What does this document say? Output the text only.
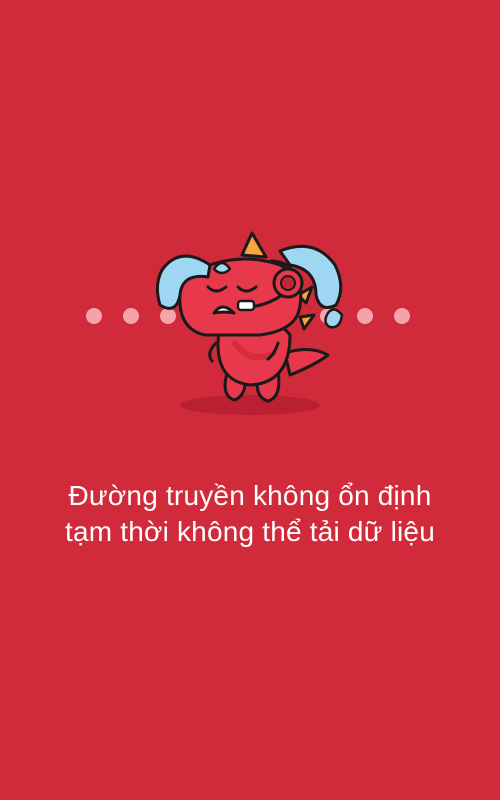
Đường truyền không ổn định
tạm thời không thể tải dữ liệu
